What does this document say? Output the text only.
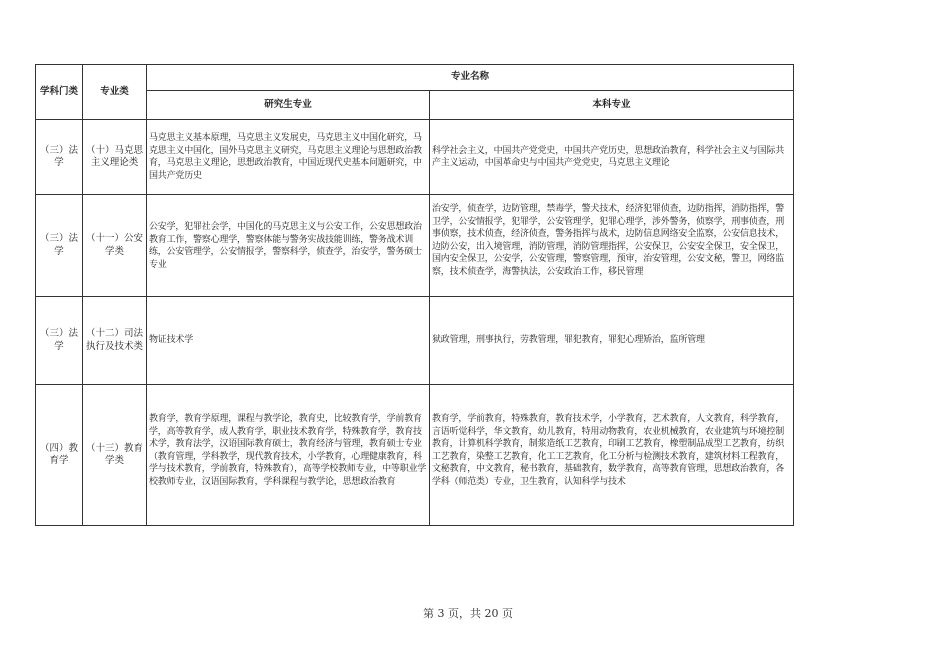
学科门类	专业类	专业名称	
		研究生专业	本科专业
（三）法学	（十）马克思主义理论类	马克思主义基本原理，马克思主义发展史，马克思主义中国化研究，马克思主义中国化，国外马克思主义研究，马克思主义理论与思想政治教育，马克思主义理论，思想政治教育，中国近现代史基本问题研究，中国共产党历史	科学社会主义，中国共产党党史，中国共产党历史，思想政治教育，科学社会主义与国际共产主义运动，中国革命史与中国共产党党史，马克思主义理论
（三）法学	（十一）公安学类	公安学，犯罪社会学，中国化的马克思主义与公安工作，公安思想政治教育工作，警察心理学，警察体能与警务实战技能训练，警务战术训练，公安管理学，公安情报学，警察科学，侦查学，治安学，警务硕士专业	治安学，侦查学，边防管理，禁毒学，警犬技术，经济犯罪侦查，边防指挥，消防指挥，警卫学，公安情报学，犯罪学，公安管理学，犯罪心理学，涉外警务，侦察学，刑事侦查，刑事侦察，技术侦查，经济侦查，警务指挥与战术，边防信息网络安全监察，公安信息技术，边防公安，出入境管理，消防管理，消防管理指挥，公安保卫，公安安全保卫，安全保卫，国内安全保卫，公安学，公安管理，警察管理，预审，治安管理，公安文秘，警卫，网络监察，技术侦查学，海警执法，公安政治工作，移民管理
（三）法学	（十二）司法执行及技术类	物证技术学	狱政管理，刑事执行，劳教管理，罪犯教育，罪犯心理矫治，监所管理
（四）教育学	（十三）教育学类	教育学，教育学原理，课程与教学论，教育史，比较教育学，学前教育学，高等教育学，成人教育学，职业技术教育学，特殊教育学，教育技术学，教育法学，汉语国际教育硕士，教育经济与管理，教育硕士专业（教育管理，学科教学，现代教育技术，小学教育，心理健康教育，科学与技术教育，学前教育，特殊教育），高等学校教师专业，中等职业学校教师专业，汉语国际教育，学科课程与教学论，思想政治教育	教育学，学前教育，特殊教育，教育技术学，小学教育，艺术教育，人文教育，科学教育，言语听觉科学，华文教育，幼儿教育，特用动物教育，农业机械教育，农业建筑与环境控制教育，计算机科学教育，制浆造纸工艺教育，印刷工艺教育，橡塑制品成型工艺教育，纺织工艺教育，染整工艺教育，化工工艺教育，化工分析与检测技术教育，建筑材料工程教育，文秘教育，中文教育，秘书教育，基础教育，数学教育，高等教育管理，思想政治教育，各学科（师范类）专业，卫生教育，认知科学与技术
第 3 页，共 20 页
